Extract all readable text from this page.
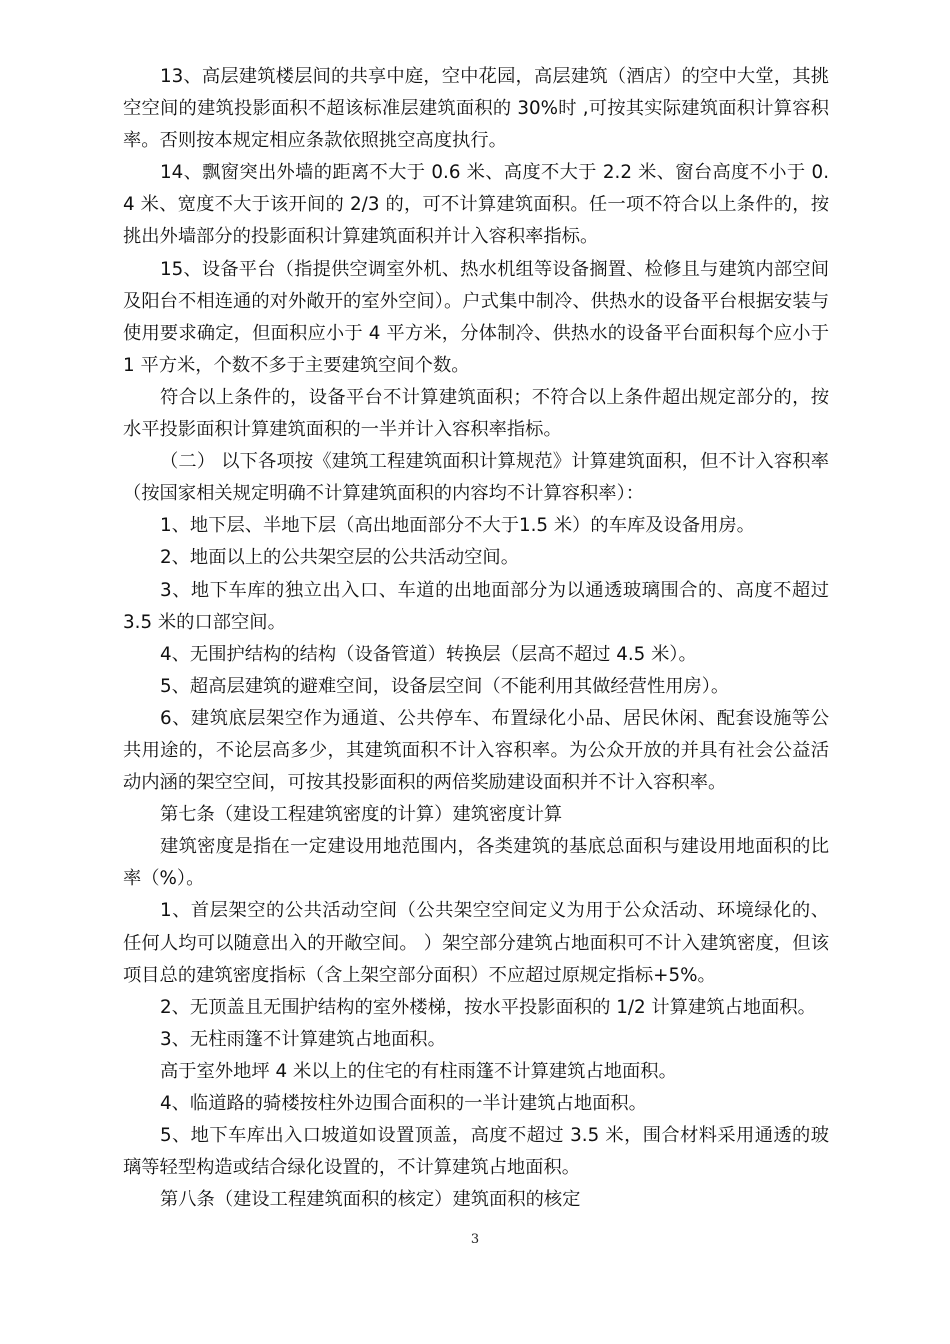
13、高层建筑楼层间的共享中庭，空中花园，高层建筑（酒店）的空中大堂，其挑空空间的建筑投影面积不超该标准层建筑面积的 30%时 ,可按其实际建筑面积计算容积率。否则按本规定相应条款依照挑空高度执行。

14、飘窗突出外墙的距离不大于 0.6 米、高度不大于 2.2 米、窗台高度不小于 0.4 米、宽度不大于该开间的 2/3 的，可不计算建筑面积。任一项不符合以上条件的，按挑出外墙部分的投影面积计算建筑面积并计入容积率指标。

15、设备平台（指提供空调室外机、热水机组等设备搁置、检修且与建筑内部空间及阳台不相连通的对外敞开的室外空间）。户式集中制冷、供热水的设备平台根据安装与使用要求确定，但面积应小于 4 平方米，分体制冷、供热水的设备平台面积每个应小于 1 平方米，个数不多于主要建筑空间个数。

符合以上条件的，设备平台不计算建筑面积；不符合以上条件超出规定部分的，按水平投影面积计算建筑面积的一半并计入容积率指标。

（二） 以下各项按《建筑工程建筑面积计算规范》计算建筑面积，但不计入容积率（按国家相关规定明确不计算建筑面积的内容均不计算容积率）：

1、地下层、半地下层（高出地面部分不大于1.5 米）的车库及设备用房。

2、地面以上的公共架空层的公共活动空间。

3、地下车库的独立出入口、车道的出地面部分为以通透玻璃围合的、高度不超过 3.5 米的口部空间。

4、无围护结构的结构（设备管道）转换层（层高不超过 4.5 米）。

5、超高层建筑的避难空间，设备层空间（不能利用其做经营性用房）。

6、建筑底层架空作为通道、公共停车、布置绿化小品、居民休闲、配套设施等公共用途的，不论层高多少，其建筑面积不计入容积率。为公众开放的并具有社会公益活动内涵的架空空间，可按其投影面积的两倍奖励建设面积并不计入容积率。

第七条（建设工程建筑密度的计算）建筑密度计算

建筑密度是指在一定建设用地范围内，各类建筑的基底总面积与建设用地面积的比率（%）。

1、首层架空的公共活动空间（公共架空空间定义为用于公众活动、环境绿化的、任何人均可以随意出入的开敞空间。 ）架空部分建筑占地面积可不计入建筑密度，但该项目总的建筑密度指标（含上架空部分面积）不应超过原规定指标+5%。

2、无顶盖且无围护结构的室外楼梯，按水平投影面积的 1/2 计算建筑占地面积。

3、无柱雨篷不计算建筑占地面积。

高于室外地坪 4 米以上的住宅的有柱雨篷不计算建筑占地面积。

4、临道路的骑楼按柱外边围合面积的一半计建筑占地面积。

5、地下车库出入口坡道如设置顶盖，高度不超过 3.5 米，围合材料采用通透的玻璃等轻型构造或结合绿化设置的，不计算建筑占地面积。

第八条（建设工程建筑面积的核定）建筑面积的核定

3
